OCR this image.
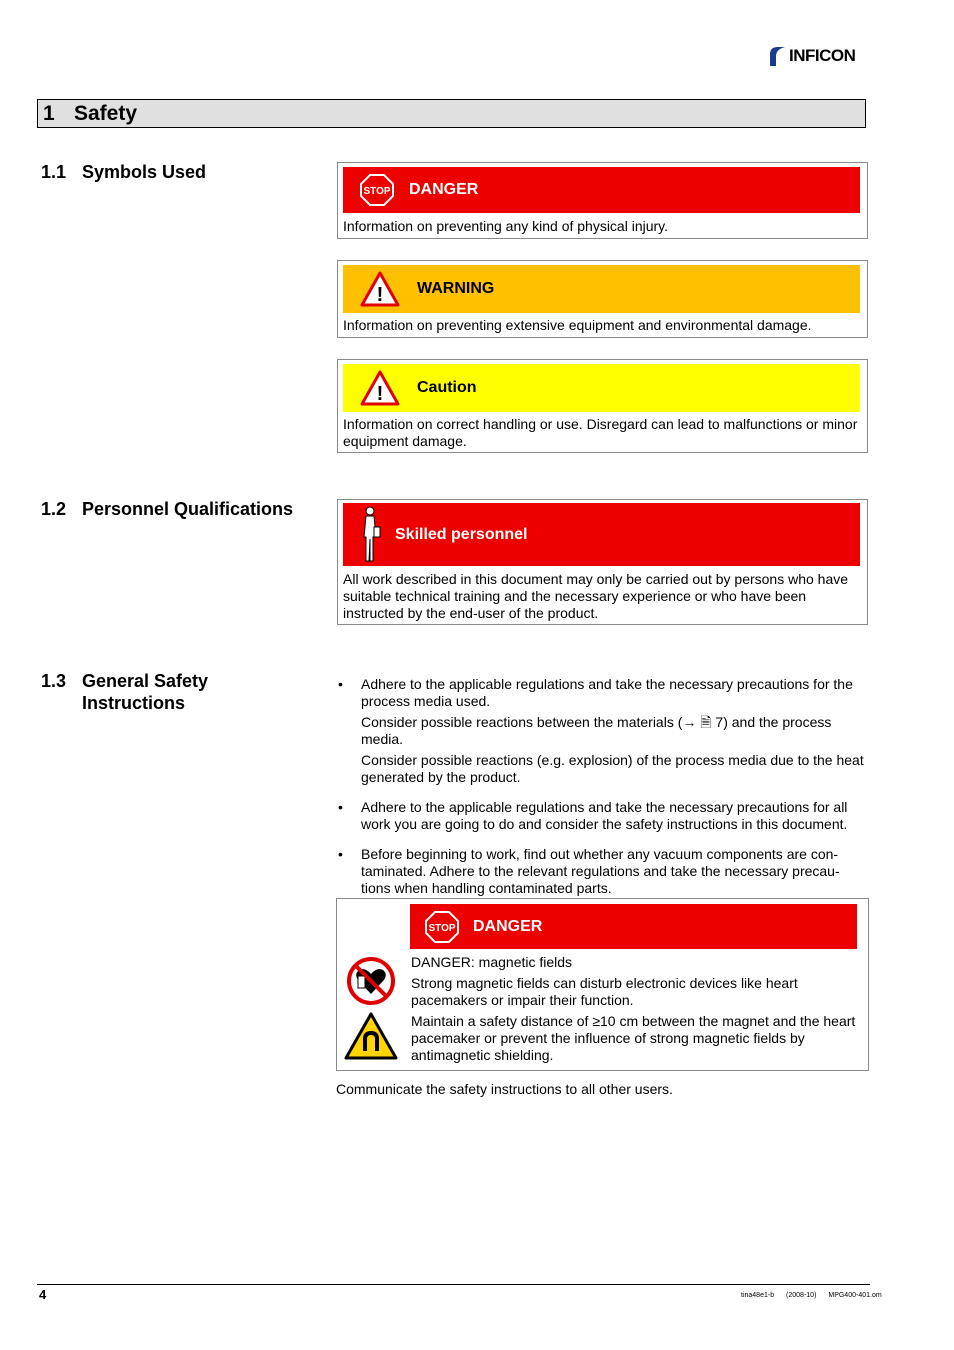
INFICON
1 Safety
1.1 Symbols Used
STOP DANGER
Information on preventing any kind of physical injury.
! WARNING
Information on preventing extensive equipment and environmental damage.
! Caution
Information on correct handling or use. Disregard can lead to malfunctions or minor equipment damage.
1.2 Personnel Qualifications
Skilled personnel
All work described in this document may only be carried out by persons who have suitable technical training and the necessary experience or who have been instructed by the end-user of the product.
1.3 General Safety
Instructions
•	Adhere to the applicable regulations and take the necessary precautions for the process media used.

Consider possible reactions between the materials (→ 🗎 7) and the process media.

Consider possible reactions (e.g. explosion) of the process media due to the heat generated by the product.

•	Adhere to the applicable regulations and take the necessary precautions for all work you are going to do and consider the safety instructions in this document.

•	Before beginning to work, find out whether any vacuum components are con-taminated. Adhere to the relevant regulations and take the necessary precau-tions when handling contaminated parts.

STOP DANGER

DANGER: magnetic fields

Strong magnetic fields can disturb electronic devices like heart pacemakers or impair their function.

Maintain a safety distance of ≥10 cm between the magnet and the heart pacemaker or prevent the influence of strong magnetic fields by antimagnetic shielding.

Communicate the safety instructions to all other users.
4	tina48e1-b (2008-10) MPG400-401.om
